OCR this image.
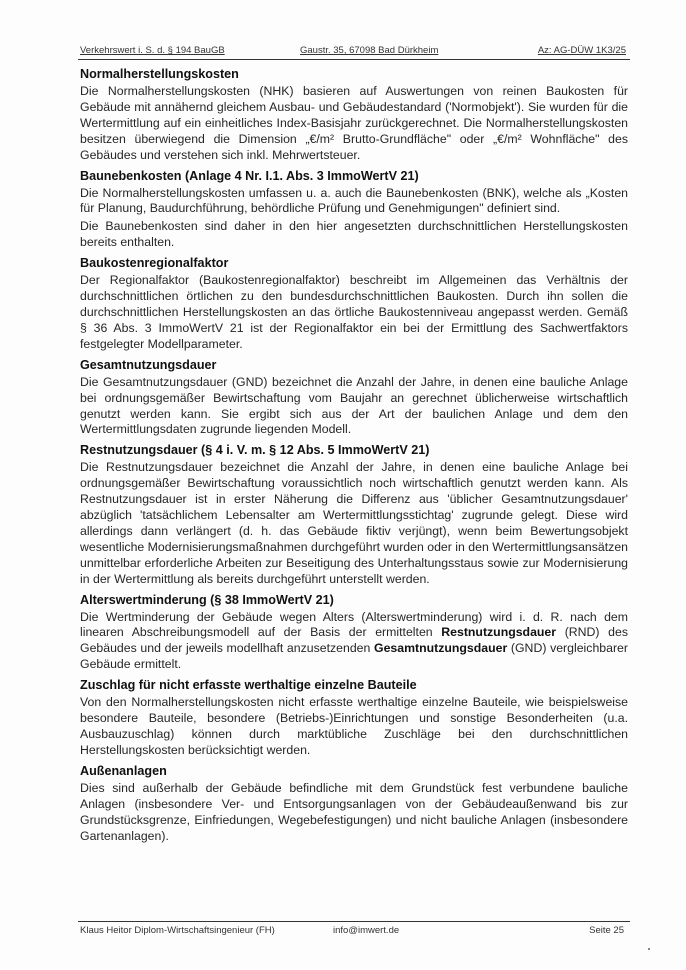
Verkehrswert i. S. d. § 194 BauGB	Gaustr. 35, 67098 Bad Dürkheim	Az: AG-DÜW 1K3/25
Normalherstellungskosten

Die Normalherstellungskosten (NHK) basieren auf Auswertungen von reinen Baukosten für Gebäude mit annähernd gleichem Ausbau- und Gebäudestandard ('Normobjekt'). Sie wurden für die Wertermittlung auf ein einheitliches Index-Basisjahr zurückgerechnet. Die Normalherstellungskosten besitzen überwiegend die Dimension „€/m² Brutto-Grundfläche" oder „€/m² Wohnfläche" des Gebäudes und verstehen sich inkl. Mehrwertsteuer.

Baunebenkosten (Anlage 4 Nr. I.1. Abs. 3 ImmoWertV 21)

Die Normalherstellungskosten umfassen u. a. auch die Baunebenkosten (BNK), welche als „Kosten für Planung, Baudurchführung, behördliche Prüfung und Genehmigungen" definiert sind.

Die Baunebenkosten sind daher in den hier angesetzten durchschnittlichen Herstellungskosten bereits enthalten.

Baukostenregionalfaktor

Der Regionalfaktor (Baukostenregionalfaktor) beschreibt im Allgemeinen das Verhältnis der durchschnittlichen örtlichen zu den bundesdurchschnittlichen Baukosten. Durch ihn sollen die durchschnittlichen Herstellungskosten an das örtliche Baukostenniveau angepasst werden. Gemäß § 36 Abs. 3 ImmoWertV 21 ist der Regionalfaktor ein bei der Ermittlung des Sachwertfaktors festgelegter Modellparameter.

Gesamtnutzungsdauer

Die Gesamtnutzungsdauer (GND) bezeichnet die Anzahl der Jahre, in denen eine bauliche Anlage bei ordnungsgemäßer Bewirtschaftung vom Baujahr an gerechnet üblicherweise wirtschaftlich genutzt werden kann. Sie ergibt sich aus der Art der baulichen Anlage und dem den Wertermittlungsdaten zugrunde liegenden Modell.

Restnutzungsdauer (§ 4 i. V. m. § 12 Abs. 5 ImmoWertV 21)

Die Restnutzungsdauer bezeichnet die Anzahl der Jahre, in denen eine bauliche Anlage bei ordnungsgemäßer Bewirtschaftung voraussichtlich noch wirtschaftlich genutzt werden kann. Als Restnutzungsdauer ist in erster Näherung die Differenz aus 'üblicher Gesamtnutzungsdauer' abzüglich 'tatsächlichem Lebensalter am Wertermittlungsstichtag' zugrunde gelegt. Diese wird allerdings dann verlängert (d. h. das Gebäude fiktiv verjüngt), wenn beim Bewertungsobjekt wesentliche Modernisierungsmaßnahmen durchgeführt wurden oder in den Wertermittlungsansätzen unmittelbar erforderliche Arbeiten zur Beseitigung des Unterhaltungsstaus sowie zur Modernisierung in der Wertermittlung als bereits durchgeführt unterstellt werden.

Alterswertminderung (§ 38 ImmoWertV 21)

Die Wertminderung der Gebäude wegen Alters (Alterswertminderung) wird i. d. R. nach dem linearen Abschreibungsmodell auf der Basis der ermittelten Restnutzungsdauer (RND) des Gebäudes und der jeweils modellhaft anzusetzenden Gesamtnutzungsdauer (GND) vergleichbarer Gebäude ermittelt.

Zuschlag für nicht erfasste werthaltige einzelne Bauteile

Von den Normalherstellungskosten nicht erfasste werthaltige einzelne Bauteile, wie beispielsweise besondere Bauteile, besondere (Betriebs-)Einrichtungen und sonstige Besonderheiten (u.a. Ausbauzuschlag) können durch marktübliche Zuschläge bei den durchschnittlichen Herstellungskosten berücksichtigt werden.

Außenanlagen

Dies sind außerhalb der Gebäude befindliche mit dem Grundstück fest verbundene bauliche Anlagen (insbesondere Ver- und Entsorgungsanlagen von der Gebäudeaußenwand bis zur Grundstücksgrenze, Einfriedungen, Wegebefestigungen) und nicht bauliche Anlagen (insbesondere Gartenanlagen).

Klaus Heitor Diplom-Wirtschaftsingenieur (FH)	info@imwert.de	Seite 25
